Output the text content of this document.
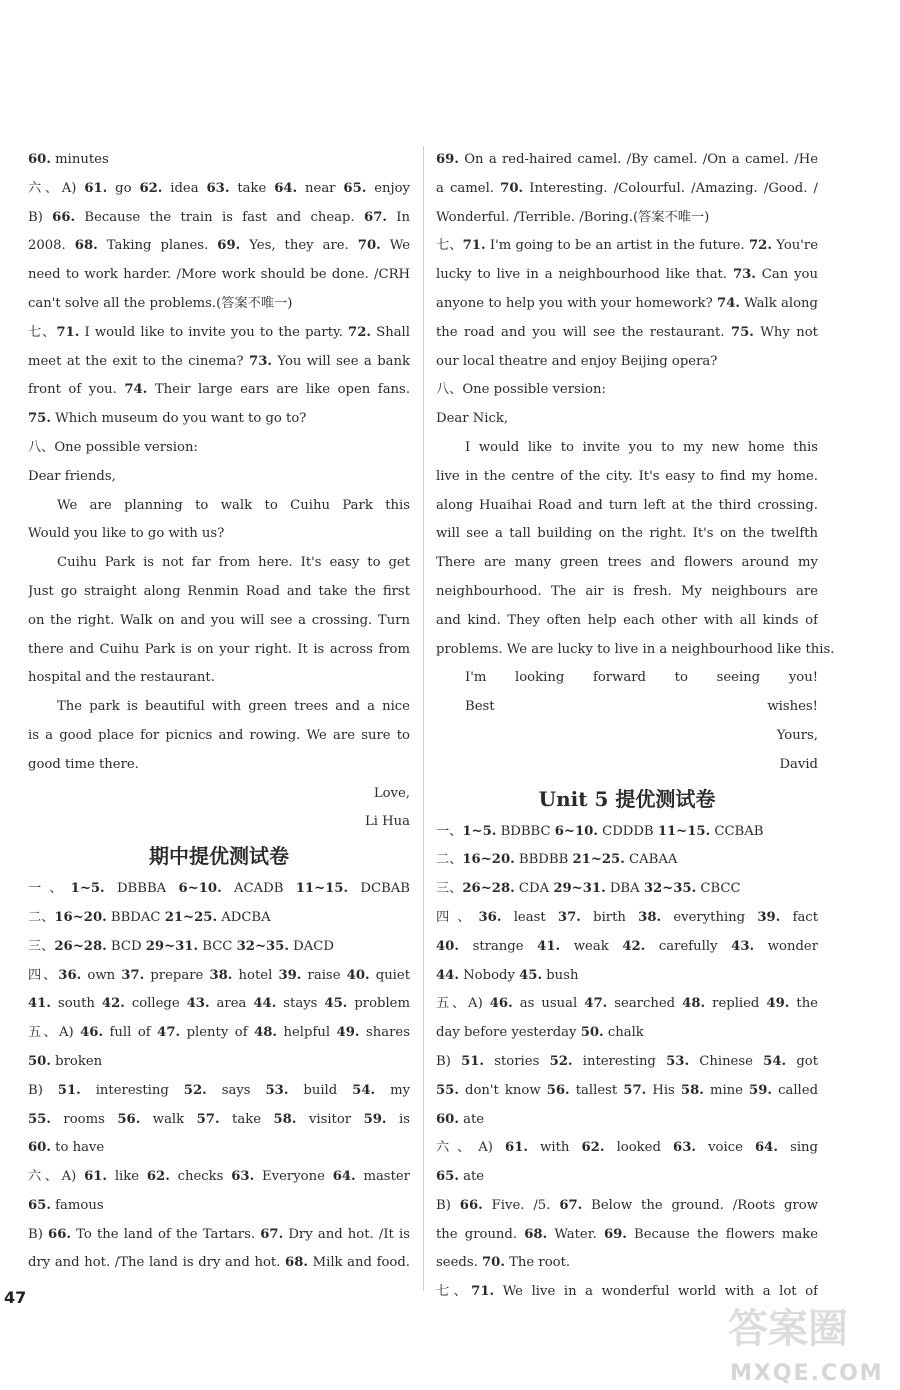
60. minutes
六、A) 61. go 62. idea 63. take 64. near 65. enjoy
B) 66. Because the train is fast and cheap. 67. In
2008. 68. Taking planes. 69. Yes, they are. 70. We
need to work harder. /More work should be done. /CRH
can't solve all the problems.(答案不唯一)
七、71. I would like to invite you to the party. 72. Shall
meet at the exit to the cinema? 73. You will see a bank
front of you. 74. Their large ears are like open fans.
75. Which museum do you want to go to?
八、One possible version:
Dear friends,
We are planning to walk to Cuihu Park this
Would you like to go with us?
Cuihu Park is not far from here. It's easy to get
Just go straight along Renmin Road and take the first
on the right. Walk on and you will see a crossing. Turn
there and Cuihu Park is on your right. It is across from
hospital and the restaurant.
The park is beautiful with green trees and a nice
is a good place for picnics and rowing. We are sure to
good time there.
Love,
Li Hua
期中提优测试卷
一、1~5. DBBBA 6~10. ACADB 11~15. DCBAB
二、16~20. BBDAC 21~25. ADCBA
三、26~28. BCD 29~31. BCC 32~35. DACD
四、36. own 37. prepare 38. hotel 39. raise 40. quiet
41. south 42. college 43. area 44. stays 45. problem
五、A) 46. full of 47. plenty of 48. helpful 49. shares
50. broken
B) 51. interesting 52. says 53. build 54. my
55. rooms 56. walk 57. take 58. visitor 59. is
60. to have
六、A) 61. like 62. checks 63. Everyone 64. master
65. famous
B) 66. To the land of the Tartars. 67. Dry and hot. /It is
dry and hot. /The land is dry and hot. 68. Milk and food.
69. On a red-haired camel. /By camel. /On a camel. /He
a camel. 70. Interesting. /Colourful. /Amazing. /Good. /
Wonderful. /Terrible. /Boring.(答案不唯一)
七、71. I'm going to be an artist in the future. 72. You're
lucky to live in a neighbourhood like that. 73. Can you
anyone to help you with your homework? 74. Walk along
the road and you will see the restaurant. 75. Why not
our local theatre and enjoy Beijing opera?
八、One possible version:
Dear Nick,
I would like to invite you to my new home this
live in the centre of the city. It's easy to find my home.
along Huaihai Road and turn left at the third crossing.
will see a tall building on the right. It's on the twelfth
There are many green trees and flowers around my
neighbourhood. The air is fresh. My neighbours are
and kind. They often help each other with all kinds of
problems. We are lucky to live in a neighbourhood like this.
I'm looking forward to seeing you!
Best wishes!
Yours,
David
Unit 5 提优测试卷
一、1~5. BDBBC 6~10. CDDDB 11~15. CCBAB
二、16~20. BBDBB 21~25. CABAA
三、26~28. CDA 29~31. DBA 32~35. CBCC
四、36. least 37. birth 38. everything 39. fact
40. strange 41. weak 42. carefully 43. wonder
44. Nobody 45. bush
五、A) 46. as usual 47. searched 48. replied 49. the
day before yesterday 50. chalk
B) 51. stories 52. interesting 53. Chinese 54. got
55. don't know 56. tallest 57. His 58. mine 59. called
60. ate
六、A) 61. with 62. looked 63. voice 64. sing
65. ate
B) 66. Five. /5. 67. Below the ground. /Roots grow
the ground. 68. Water. 69. Because the flowers make
seeds. 70. The root.
七、71. We live in a wonderful world with a lot of
47
答案圈
MXQE.COM
